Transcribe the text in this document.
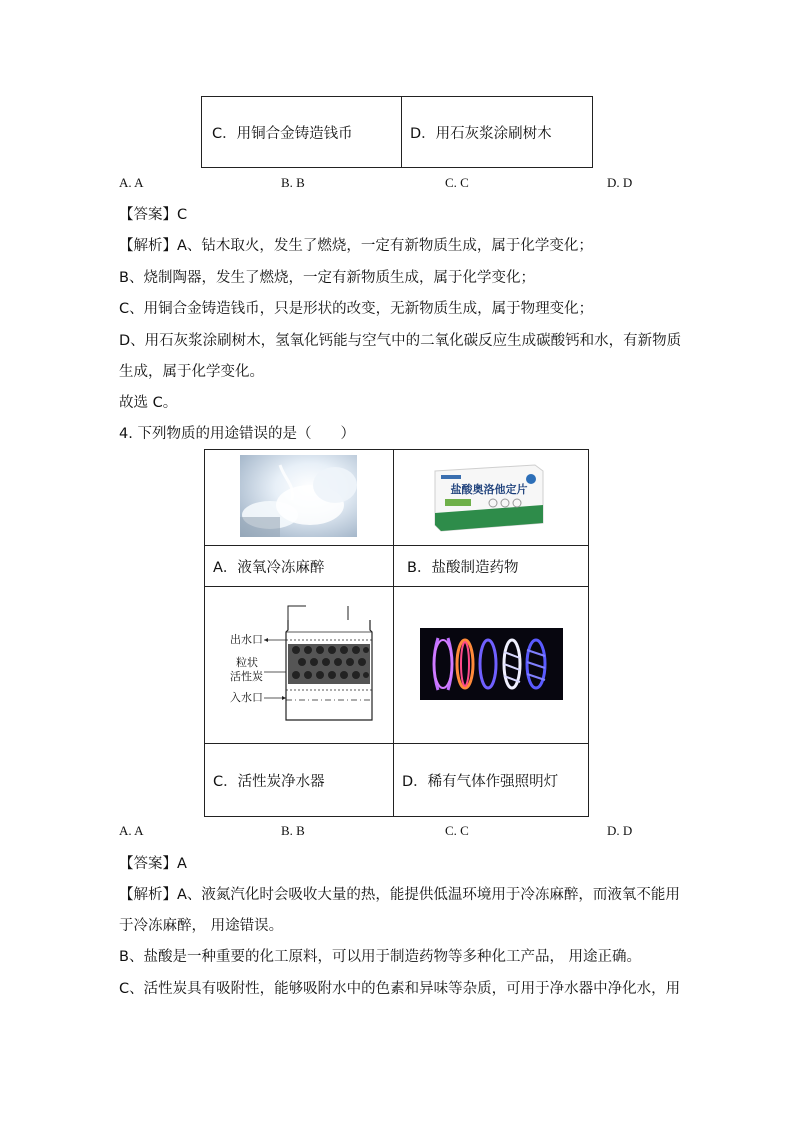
C．用铜合金铸造钱币	D．用石灰浆涂刷树木
A. A	B. B	C. C	D. D
【答案】C
【解析】A、钻木取火，发生了燃烧，一定有新物质生成，属于化学变化；
B、烧制陶器，发生了燃烧，一定有新物质生成，属于化学变化；
C、用铜合金铸造钱币，只是形状的改变，无新物质生成，属于物理变化；
D、用石灰浆涂刷树木，氢氧化钙能与空气中的二氧化碳反应生成碳酸钙和水，有新物质
生成，属于化学变化。
故选 C。
4. 下列物质的用途错误的是（　　）

A．液氧冷冻麻醉	B．盐酸制造药物

C．活性炭净水器	D．稀有气体作强照明灯
盐酸奥洛他定片
出水口
粒状
活性炭
入水口
A. A	B. B	C. C	D. D
【答案】A
【解析】A、液氮汽化时会吸收大量的热，能提供低温环境用于冷冻麻醉，而液氧不能用
于冷冻麻醉， 用途错误。
B、盐酸是一种重要的化工原料，可以用于制造药物等多种化工产品， 用途正确。
C、活性炭具有吸附性，能够吸附水中的色素和异味等杂质，可用于净水器中净化水，用
